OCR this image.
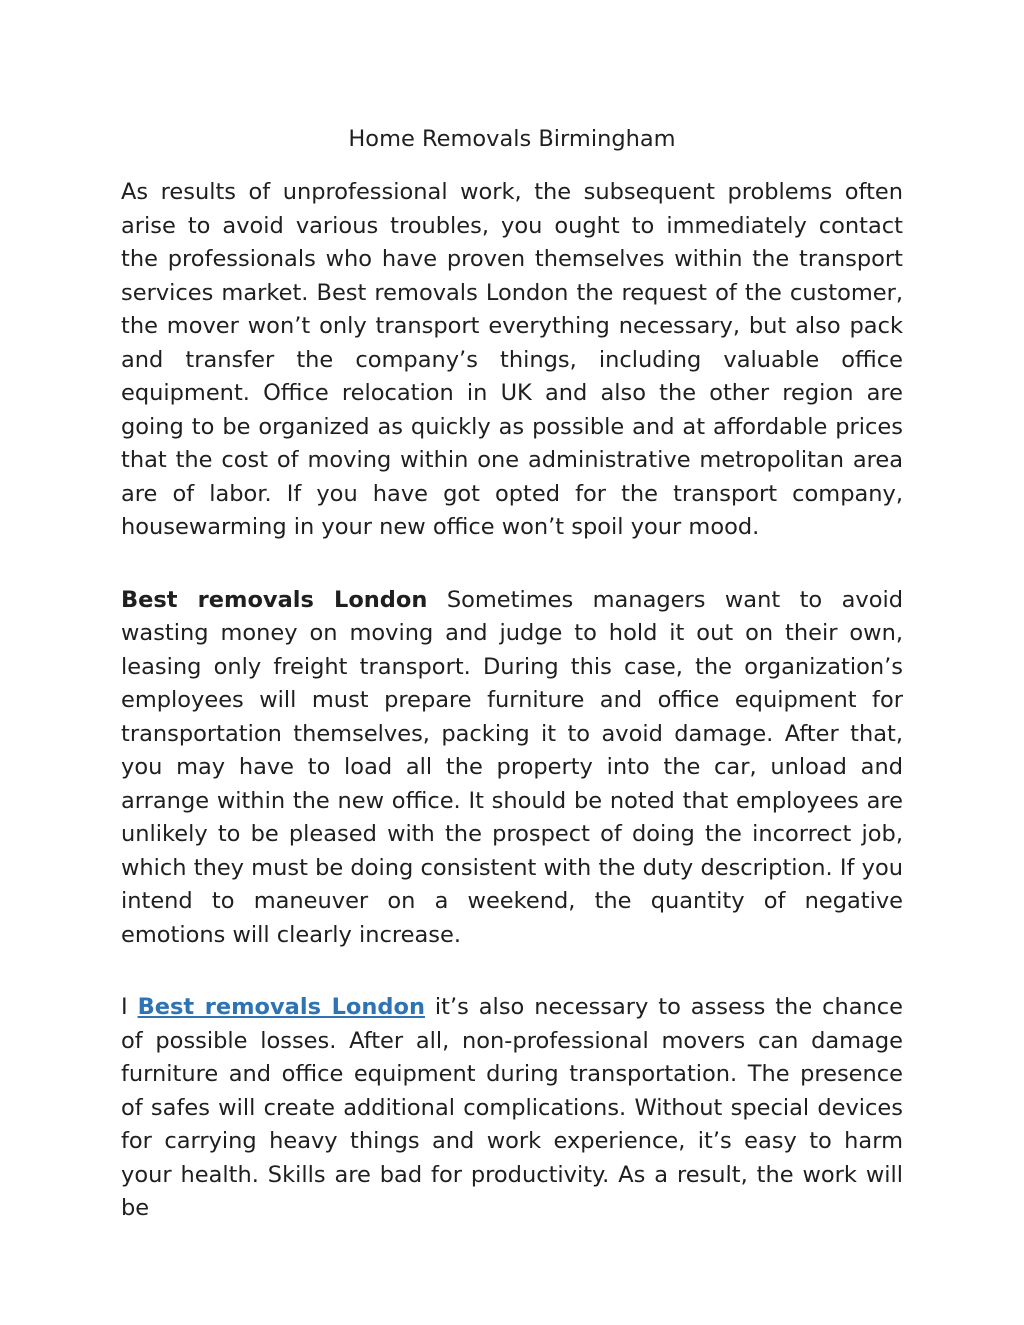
Home Removals Birmingham

As results of unprofessional work, the subsequent problems often arise to avoid various troubles, you ought to immediately contact the professionals who have proven themselves within the transport services market. Best removals London the request of the customer, the mover won’t only transport everything necessary, but also pack and transfer the company’s things, including valuable office equipment. Office relocation in UK and also the other region are going to be organized as quickly as possible and at affordable prices that the cost of moving within one administrative metropolitan area are of labor. If you have got opted for the transport company, housewarming in your new office won’t spoil your mood.

Best removals London Sometimes managers want to avoid wasting money on moving and judge to hold it out on their own, leasing only freight transport. During this case, the organization’s employees will must prepare furniture and office equipment for transportation themselves, packing it to avoid damage. After that, you may have to load all the property into the car, unload and arrange within the new office. It should be noted that employees are unlikely to be pleased with the prospect of doing the incorrect job, which they must be doing consistent with the duty description. If you intend to maneuver on a weekend, the quantity of negative emotions will clearly increase.

I Best removals London it’s also necessary to assess the chance of possible losses. After all, non-professional movers can damage furniture and office equipment during transportation. The presence of safes will create additional complications. Without special devices for carrying heavy things and work experience, it’s easy to harm your health. Skills are bad for productivity. As a result, the work will be
